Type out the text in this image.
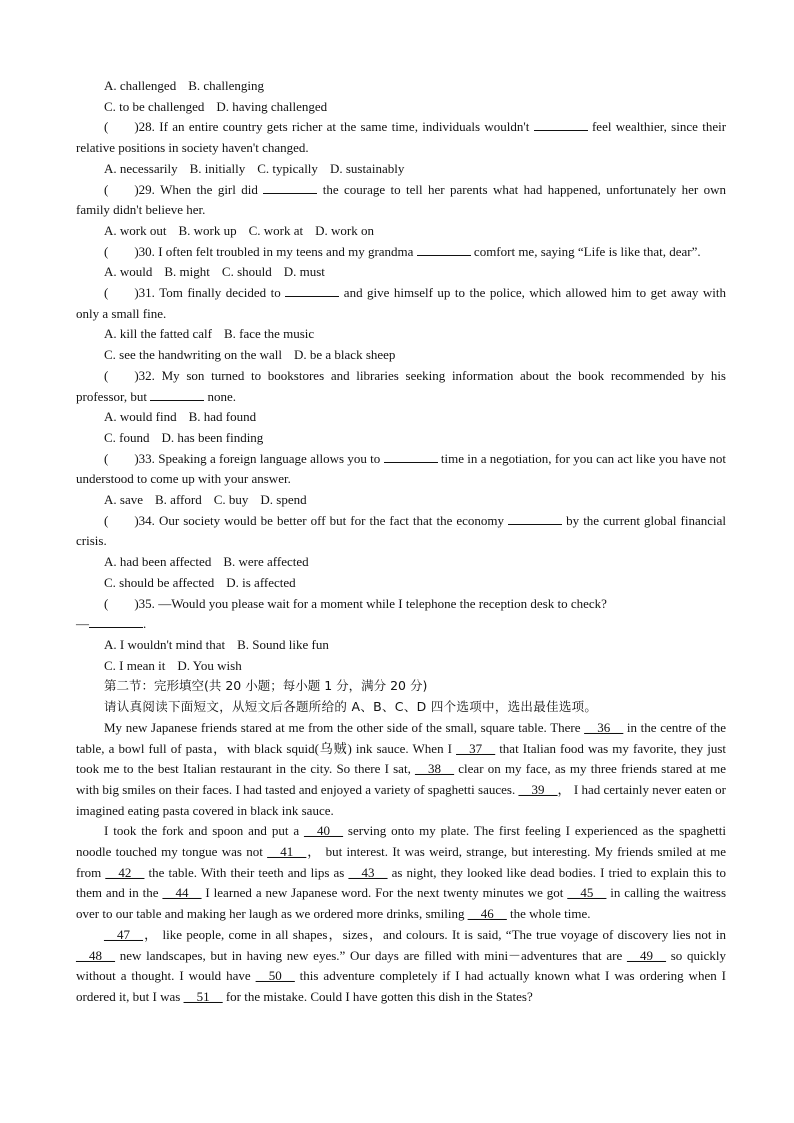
A. challenged B. challenging
C. to be challenged D. having challenged
( )28. If an entire country gets richer at the same time, individuals wouldn't	feel wealthier, since their relative positions in society haven't changed.
A. necessarily B. initially C. typically D. sustainably
( )29. When the girl did	the courage to tell her parents what had happened, unfortunately her own family didn't believe her.
A. work out B. work up C. work at D. work on
( )30. I often felt troubled in my teens and my grandma	comfort me, saying “Life is like that, dear”.
A. would B. might C. should D. must
( )31. Tom finally decided to	and give himself up to the police, which allowed him to get away with only a small fine.
A. kill the fatted calf B. face the music
C. see the handwriting on the wall D. be a black sheep
( )32. My son turned to bookstores and libraries seeking information about the book recommended by his professor, but	none.
A. would find B. had found
C. found D. has been finding
( )33. Speaking a foreign language allows you to	time in a negotiation, for you can act like you have not understood to come up with your answer.
A. save B. afford C. buy D. spend
( )34. Our society would be better off but for the fact that the economy	by the current global financial crisis.
A. had been affected B. were affected
C. should be affected D. is affected
( )35. —Would you please wait for a moment while I telephone the reception desk to check?
—	.
A. I wouldn't mind that B. Sound like fun
C. I mean it D. You wish
第二节：完形填空(共 20 小题；每小题 1 分，满分 20 分)
请认真阅读下面短文，从短文后各题所给的 A、B、C、D 四个选项中，选出最佳选项。
My new Japanese friends stared at me from the other side of the small, square table. There __36__ in the centre of the table, a bowl full of pasta，with black squid(乌贼) ink sauce. When I __37__ that Italian food was my favorite, they just took me to the best Italian restaurant in the city. So there I sat, __38__ clear on my face, as my three friends stared at me with big smiles on their faces. I had tasted and enjoyed a variety of spaghetti sauces. __39__， I had certainly never eaten or imagined eating pasta covered in black ink sauce.
I took the fork and spoon and put a __40__ serving onto my plate. The first feeling I experienced as the spaghetti noodle touched my tongue was not __41__， but interest. It was weird, strange, but interesting. My friends smiled at me from __42__ the table. With their teeth and lips as __43__ as night, they looked like dead bodies. I tried to explain this to them and in the __44__ I learned a new Japanese word. For the next twenty minutes we got __45__ in calling the waitress over to our table and making her laugh as we ordered more drinks, smiling __46__ the whole time.
__47__， like people, come in all shapes，sizes，and colours. It is said, “The true voyage of discovery lies not in __48__ new landscapes, but in having new eyes.” Our days are filled with mini－adventures that are __49__ so quickly without a thought. I would have __50__ this adventure completely if I had actually known what I was ordering when I ordered it, but I was __51__ for the mistake. Could I have gotten this dish in the States?
